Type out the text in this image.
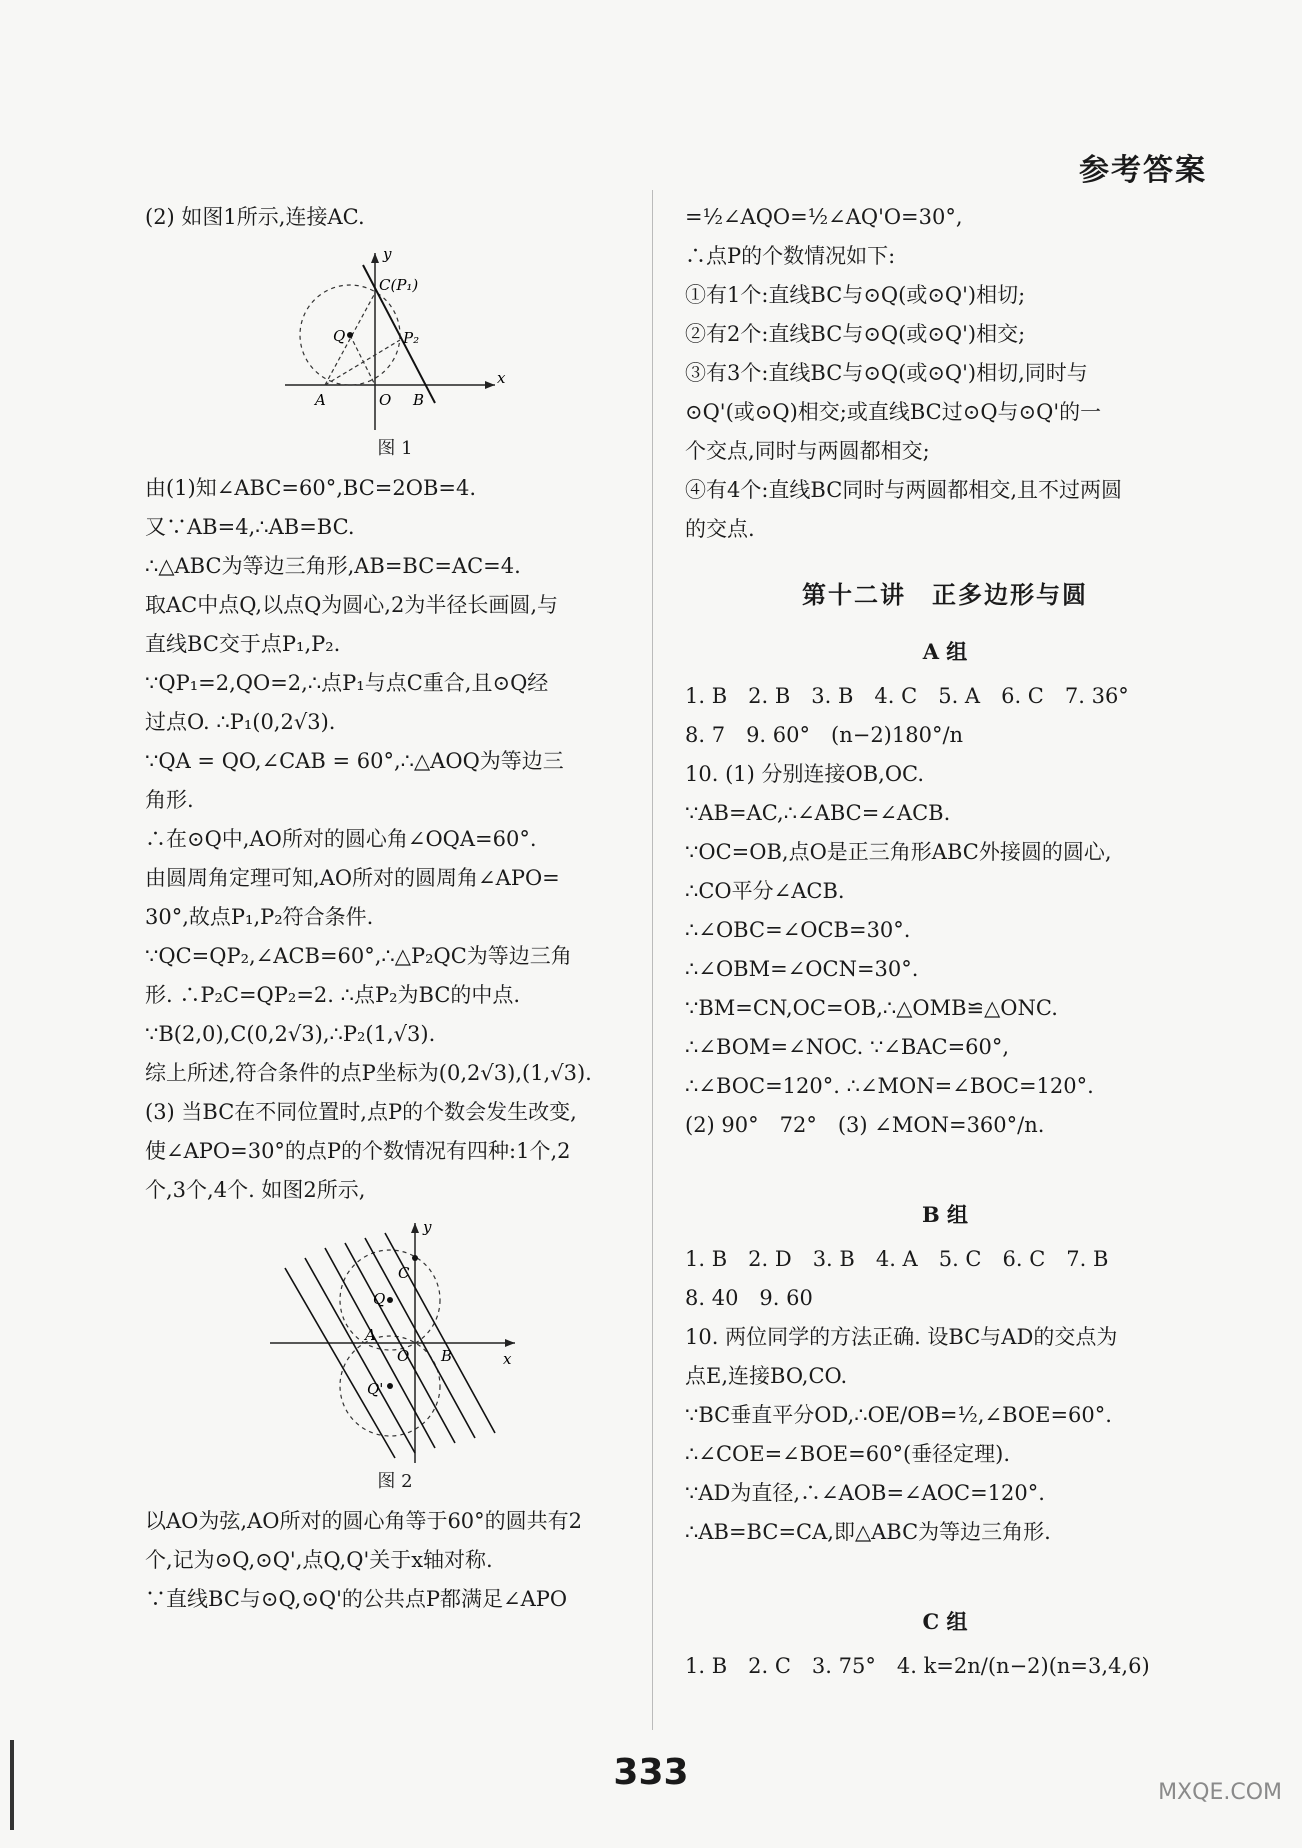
参考答案

(2) 如图1所示,连接AC.

y
x
C(P₁)
P₂
Q
A	O B
图 1

由(1)知∠ABC=60°,BC=2OB=4.

又∵AB=4,∴AB=BC.

∴△ABC为等边三角形,AB=BC=AC=4.

取AC中点Q,以点Q为圆心,2为半径长画圆,与

直线BC交于点P₁,P₂.

∵QP₁=2,QO=2,∴点P₁与点C重合,且⊙Q经

过点O. ∴P₁(0,2√3).

∵QA = QO,∠CAB = 60°,∴△AOQ为等边三

角形.

∴在⊙Q中,AO所对的圆心角∠OQA=60°.

由圆周角定理可知,AO所对的圆周角∠APO=

30°,故点P₁,P₂符合条件.

∵QC=QP₂,∠ACB=60°,∴△P₂QC为等边三角

形. ∴P₂C=QP₂=2. ∴点P₂为BC的中点.

∵B(2,0),C(0,2√3),∴P₂(1,√3).

综上所述,符合条件的点P坐标为(0,2√3),(1,√3).

(3) 当BC在不同位置时,点P的个数会发生改变,

使∠APO=30°的点P的个数情况有四种:1个,2

个,3个,4个. 如图2所示,

y
x
C
Q
A
O B
Q'
图 2

以AO为弦,AO所对的圆心角等于60°的圆共有2

个,记为⊙Q,⊙Q',点Q,Q'关于x轴对称.

∵直线BC与⊙Q,⊙Q'的公共点P都满足∠APO

=½∠AQO=½∠AQ'O=30°,

∴点P的个数情况如下:

①有1个:直线BC与⊙Q(或⊙Q')相切;

②有2个:直线BC与⊙Q(或⊙Q')相交;

③有3个:直线BC与⊙Q(或⊙Q')相切,同时与

⊙Q'(或⊙Q)相交;或直线BC过⊙Q与⊙Q'的一

个交点,同时与两圆都相交;

④有4个:直线BC同时与两圆都相交,且不过两圆

的交点.

第十二讲　正多边形与圆
A 组

1. B　2. B　3. B　4. C　5. A　6. C　7. 36°

8. 7　9. 60°　(n−2)180°/n

10. (1) 分别连接OB,OC.

∵AB=AC,∴∠ABC=∠ACB.

∵OC=OB,点O是正三角形ABC外接圆的圆心,

∴CO平分∠ACB.

∴∠OBC=∠OCB=30°.

∴∠OBM=∠OCN=30°.

∵BM=CN,OC=OB,∴△OMB≌△ONC.

∴∠BOM=∠NOC. ∵∠BAC=60°,

∴∠BOC=120°. ∴∠MON=∠BOC=120°.

(2) 90°　72°　(3) ∠MON=360°/n.

B 组

1. B　2. D　3. B　4. A　5. C　6. C　7. B

8. 40　9. 60

10. 两位同学的方法正确. 设BC与AD的交点为

点E,连接BO,CO.

∵BC垂直平分OD,∴OE/OB=½,∠BOE=60°.

∴∠COE=∠BOE=60°(垂径定理).

∵AD为直径,∴∠AOB=∠AOC=120°.

∴AB=BC=CA,即△ABC为等边三角形.

C 组

1. B　2. C　3. 75°　4. k=2n/(n−2)(n=3,4,6)

333	MXQE.COM
